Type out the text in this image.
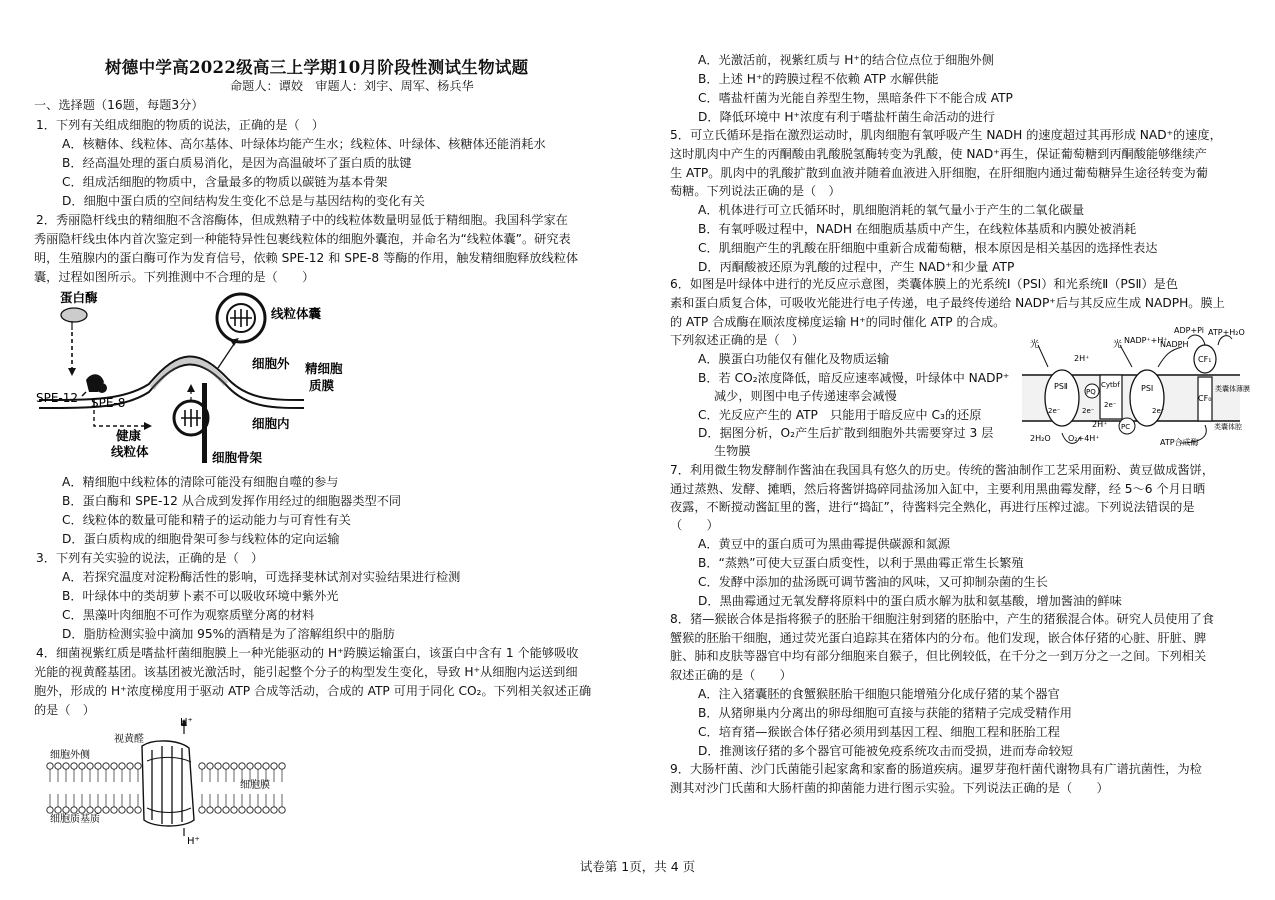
树德中学高2022级高三上学期10月阶段性测试生物试题
命题人：谭姣　审题人：刘宇、周军、杨兵华
一、选择题（16题，每题3分）
1．下列有关组成细胞的物质的说法，正确的是（　）
A．核糖体、线粒体、高尔基体、叶绿体均能产生水；线粒体、叶绿体、核糖体还能消耗水
B．经高温处理的蛋白质易消化，是因为高温破坏了蛋白质的肽键
C．组成活细胞的物质中，含量最多的物质以碳链为基本骨架
D．细胞中蛋白质的空间结构发生变化不总是与基因结构的变化有关
2．秀丽隐杆线虫的精细胞不含溶酶体，但成熟精子中的线粒体数量明显低于精细胞。我国科学家在
秀丽隐杆线虫体内首次鉴定到一种能特异性包裹线粒体的细胞外囊泡，并命名为“线粒体囊”。研究表
明，生殖腺内的蛋白酶可作为发育信号，依赖 SPE-12 和 SPE-8 等酶的作用，触发精细胞释放线粒体
囊，过程如图所示。下列推测中不合理的是（　　）
蛋白酶
线粒体囊
细胞外 精细胞
质膜
细胞内
SPE-12 SPE-8
健康
线粒体	细胞骨架
A．精细胞中线粒体的清除可能没有细胞自噬的参与
B．蛋白酶和 SPE-12 从合成到发挥作用经过的细胞器类型不同
C．线粒体的数量可能和精子的运动能力与可育性有关
D．蛋白质构成的细胞骨架可参与线粒体的定向运输
3．下列有关实验的说法，正确的是（　）
A．若探究温度对淀粉酶活性的影响，可选择斐林试剂对实验结果进行检测
B．叶绿体中的类胡萝卜素不可以吸收环境中紫外光
C．黑藻叶肉细胞不可作为观察质壁分离的材料
D．脂肪检测实验中滴加 95%的酒精是为了溶解组织中的脂肪
4．细菌视紫红质是嗜盐杆菌细胞膜上一种光能驱动的 H⁺跨膜运输蛋白，该蛋白中含有 1 个能够吸收
光能的视黄醛基团。该基团被光激活时，能引起整个分子的构型发生变化，导致 H⁺从细胞内运送到细
胞外，形成的 H⁺浓度梯度用于驱动 ATP 合成等活动，合成的 ATP 可用于同化 CO₂。下列相关叙述正确
的是（　）
H⁺
视黄醛
细胞外侧
细胞膜
细胞质基质
H⁺
A．光激活前，视紫红质与 H⁺的结合位点位于细胞外侧
B．上述 H⁺的跨膜过程不依赖 ATP 水解供能
C．嗜盐杆菌为光能自养型生物，黑暗条件下不能合成 ATP
D．降低环境中 H⁺浓度有利于嗜盐杆菌生命活动的进行
5．可立氏循环是指在激烈运动时，肌肉细胞有氧呼吸产生 NADH 的速度超过其再形成 NAD⁺的速度，
这时肌肉中产生的丙酮酸由乳酸脱氢酶转变为乳酸，使 NAD⁺再生，保证葡萄糖到丙酮酸能够继续产
生 ATP。肌肉中的乳酸扩散到血液并随着血液进入肝细胞，在肝细胞内通过葡萄糖异生途径转变为葡
萄糖。下列说法正确的是（　）
A．机体进行可立氏循环时，肌细胞消耗的氧气量小于产生的二氧化碳量
B．有氧呼吸过程中，NADH 在细胞质基质中产生，在线粒体基质和内膜处被消耗
C．肌细胞产生的乳酸在肝细胞中重新合成葡萄糖，根本原因是相关基因的选择性表达
D．丙酮酸被还原为乳酸的过程中，产生 NAD⁺和少量 ATP
6．如图是叶绿体中进行的光反应示意图，类囊体膜上的光系统Ⅰ（PSⅠ）和光系统Ⅱ（PSⅡ）是色
素和蛋白质复合体，可吸收光能进行电子传递，电子最终传递给 NADP⁺后与其反应生成 NADPH。膜上
的 ATP 合成酶在顺浓度梯度运输 H⁺的同时催化 ATP 的合成。
下列叙述正确的是（　）
A．膜蛋白功能仅有催化及物质运输
B．若 CO₂浓度降低，暗反应速率减慢，叶绿体中 NADP⁺
减少，则图中电子传递速率会减慢
C．光反应产生的 ATP　只能用于暗反应中 C₃的还原
D．据图分析，O₂产生后扩散到细胞外共需要穿过 3 层
生物膜
光	光
2H⁺
NADP⁺+H⁺
NADPH
ADP+Pi ATP+H₂O
PSⅡ
PQ
Cytbf	PSⅠ
CF₁
CF₀
2e⁻	2e⁻
2e⁻
2e⁻
PC
2H₂O O₂+4H⁺
2H⁺
ATP合成酶
类囊体薄膜
类囊体腔
7．利用微生物发酵制作酱油在我国具有悠久的历史。传统的酱油制作工艺采用面粉、黄豆做成酱饼，
通过蒸熟、发酵、摊晒，然后将酱饼捣碎同盐汤加入缸中，主要利用黑曲霉发酵，经 5～6 个月日晒
夜露，不断搅动酱缸里的酱，进行“捣缸”，待酱料完全熟化，再进行压榨过滤。下列说法错误的是
（　　）
A．黄豆中的蛋白质可为黑曲霉提供碳源和氮源
B．“蒸熟”可使大豆蛋白质变性，以利于黑曲霉正常生长繁殖
C．发酵中添加的盐汤既可调节酱油的风味，又可抑制杂菌的生长
D．黑曲霉通过无氧发酵将原料中的蛋白质水解为肽和氨基酸，增加酱油的鲜味
8．猪—猴嵌合体是指将猴子的胚胎干细胞注射到猪的胚胎中，产生的猪猴混合体。研究人员使用了食
蟹猴的胚胎干细胞，通过荧光蛋白追踪其在猪体内的分布。他们发现，嵌合体仔猪的心脏、肝脏、脾
脏、肺和皮肤等器官中均有部分细胞来自猴子，但比例较低，在千分之一到万分之一之间。下列相关
叙述正确的是（　　）
A．注入猪囊胚的食蟹猴胚胎干细胞只能增殖分化成仔猪的某个器官
B．从猪卵巢内分离出的卵母细胞可直接与获能的猪精子完成受精作用
C．培育猪—猴嵌合体仔猪必须用到基因工程、细胞工程和胚胎工程
D．推测该仔猪的多个器官可能被免疫系统攻击而受损，进而寿命较短
9．大肠杆菌、沙门氏菌能引起家禽和家畜的肠道疾病。暹罗芽孢杆菌代谢物具有广谱抗菌性，为检
测其对沙门氏菌和大肠杆菌的抑菌能力进行图示实验。下列说法正确的是（　　）
试卷第 1页，共 4 页
